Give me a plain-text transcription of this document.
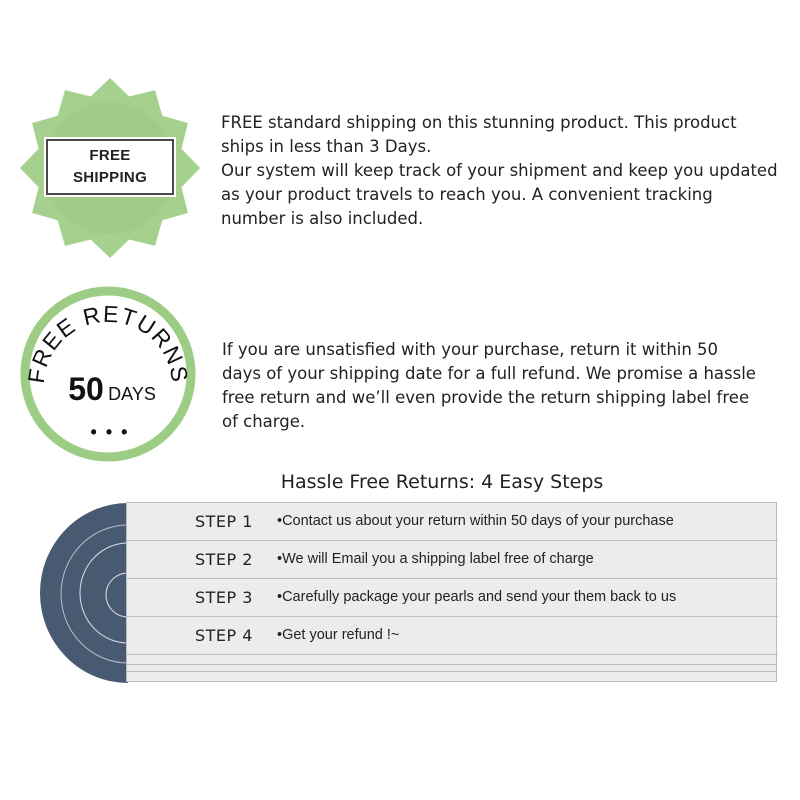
FREE
SHIPPING

FREE standard shipping on this stunning product. This product ships in less than 3 Days.

Our system will keep track of your shipment and keep you updated as your product travels to reach you. A convenient tracking number is also included.

FREE RETURNS
50 DAYS
• • •

If you are unsatisfied with your purchase, return it within 50 days of your shipping date for a full refund. We promise a hassle free return and we’ll even provide the return shipping label free of charge.

Hassle Free Returns: 4 Easy Steps
STEP 1 •Contact us about your return within 50 days of your purchase
STEP 2 •We will Email you a shipping label free of charge
STEP 3 •Carefully package your pearls and send your them back to us
STEP 4 •Get your refund !~
